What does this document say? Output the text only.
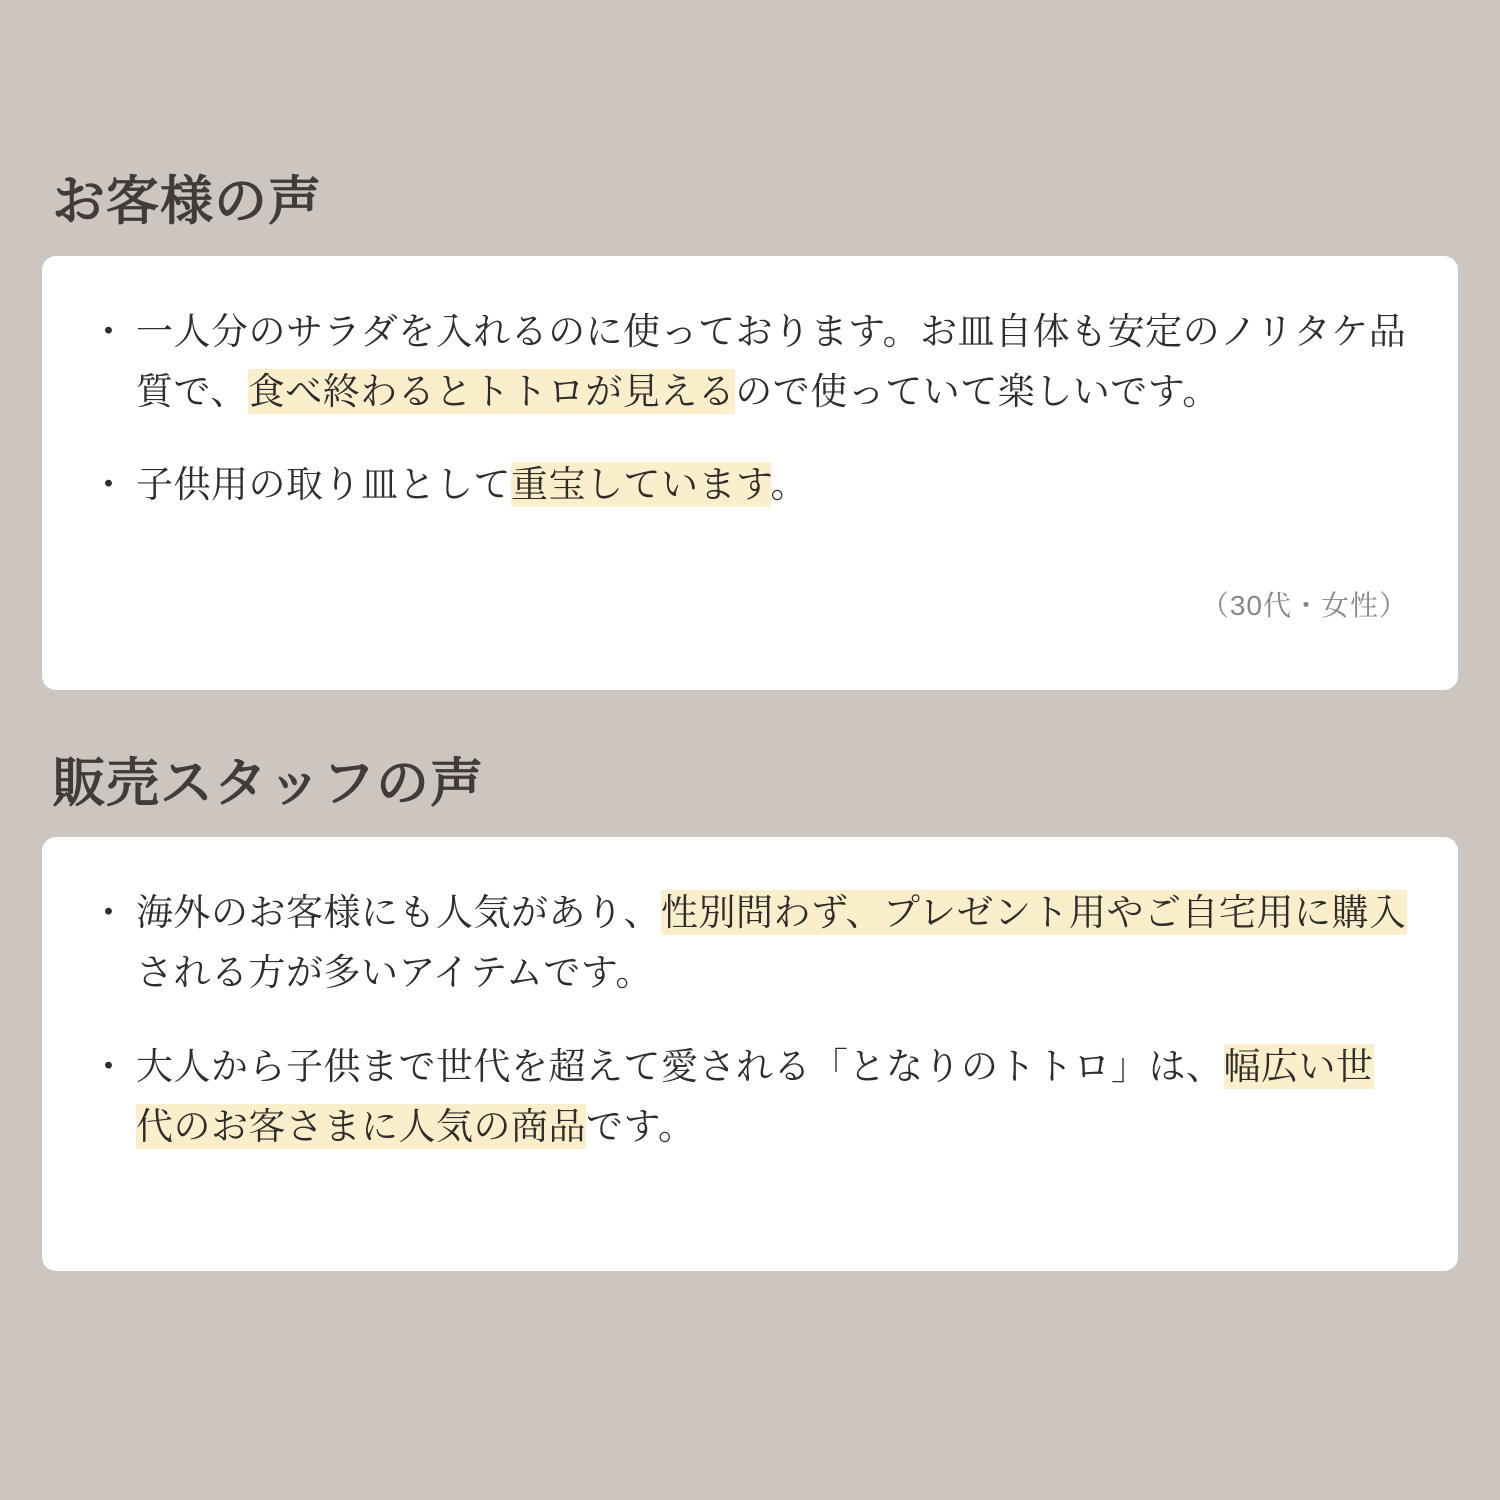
お客様の声
・ 一人分のサラダを入れるのに使っております。お皿自体も安定のノリタケ品質で、食べ終わるとトトロが見えるので使っていて楽しいです。
・ 子供用の取り皿として重宝しています。
（30代・女性）
販売スタッフの声
・ 海外のお客様にも人気があり、性別問わず、プレゼント用やご自宅用に購入される方が多いアイテムです。
・ 大人から子供まで世代を超えて愛される「となりのトトロ」は、幅広い世代のお客さまに人気の商品です。
